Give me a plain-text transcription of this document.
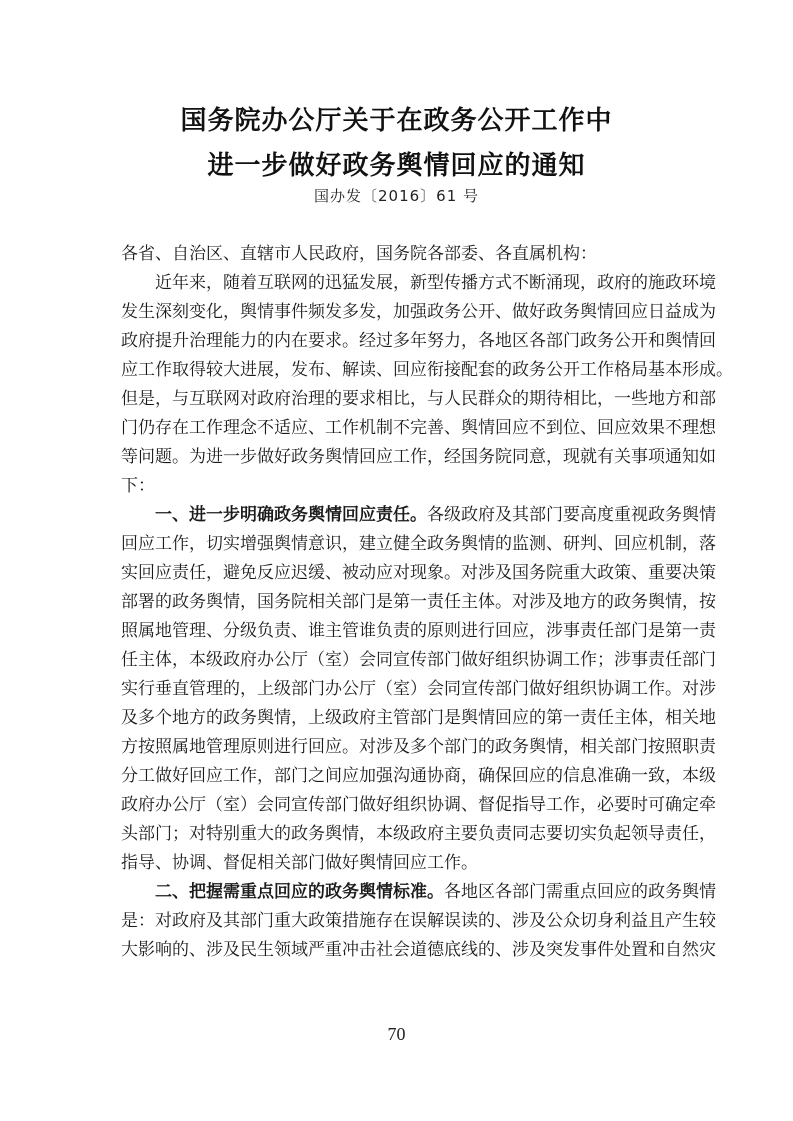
国务院办公厅关于在政务公开工作中
进一步做好政务舆情回应的通知
国办发〔2016〕61 号
各省、自治区、直辖市人民政府，国务院各部委、各直属机构：
近年来，随着互联网的迅猛发展，新型传播方式不断涌现，政府的施政环境
发生深刻变化，舆情事件频发多发，加强政务公开、做好政务舆情回应日益成为
政府提升治理能力的内在要求。经过多年努力，各地区各部门政务公开和舆情回
应工作取得较大进展，发布、解读、回应衔接配套的政务公开工作格局基本形成。
但是，与互联网对政府治理的要求相比，与人民群众的期待相比，一些地方和部
门仍存在工作理念不适应、工作机制不完善、舆情回应不到位、回应效果不理想
等问题。为进一步做好政务舆情回应工作，经国务院同意，现就有关事项通知如
下：
一、进一步明确政务舆情回应责任。各级政府及其部门要高度重视政务舆情
回应工作，切实增强舆情意识，建立健全政务舆情的监测、研判、回应机制，落
实回应责任，避免反应迟缓、被动应对现象。对涉及国务院重大政策、重要决策
部署的政务舆情，国务院相关部门是第一责任主体。对涉及地方的政务舆情，按
照属地管理、分级负责、谁主管谁负责的原则进行回应，涉事责任部门是第一责
任主体，本级政府办公厅（室）会同宣传部门做好组织协调工作；涉事责任部门
实行垂直管理的，上级部门办公厅（室）会同宣传部门做好组织协调工作。对涉
及多个地方的政务舆情，上级政府主管部门是舆情回应的第一责任主体，相关地
方按照属地管理原则进行回应。对涉及多个部门的政务舆情，相关部门按照职责
分工做好回应工作，部门之间应加强沟通协商，确保回应的信息准确一致，本级
政府办公厅（室）会同宣传部门做好组织协调、督促指导工作，必要时可确定牵
头部门；对特别重大的政务舆情，本级政府主要负责同志要切实负起领导责任，
指导、协调、督促相关部门做好舆情回应工作。
二、把握需重点回应的政务舆情标准。各地区各部门需重点回应的政务舆情
是：对政府及其部门重大政策措施存在误解误读的、涉及公众切身利益且产生较
大影响的、涉及民生领域严重冲击社会道德底线的、涉及突发事件处置和自然灾
70
